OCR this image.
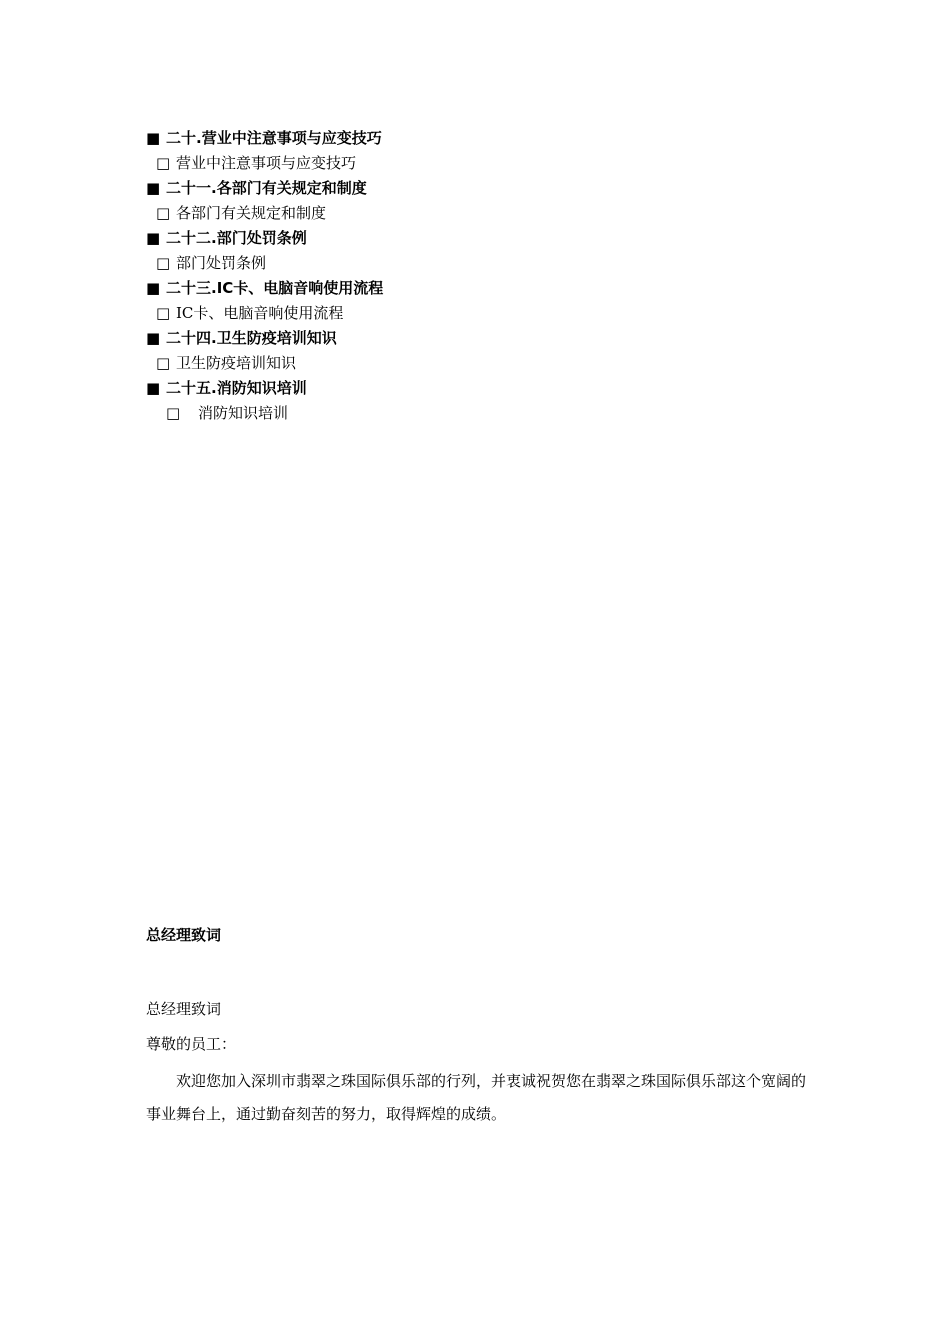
■ 二十.营业中注意事项与应变技巧
□ 营业中注意事项与应变技巧
■ 二十一.各部门有关规定和制度
□ 各部门有关规定和制度
■ 二十二.部门处罚条例
□ 部门处罚条例
■ 二十三.IC卡、电脑音响使用流程
□ IC卡、电脑音响使用流程
■ 二十四.卫生防疫培训知识
□ 卫生防疫培训知识
■ 二十五.消防知识培训
□ 消防知识培训
总经理致词
总经理致词
尊敬的员工：
欢迎您加入深圳市翡翠之珠国际俱乐部的行列，并衷诚祝贺您在翡翠之珠国际俱乐部这个宽阔的事业舞台上，通过勤奋刻苦的努力，取得辉煌的成绩。
